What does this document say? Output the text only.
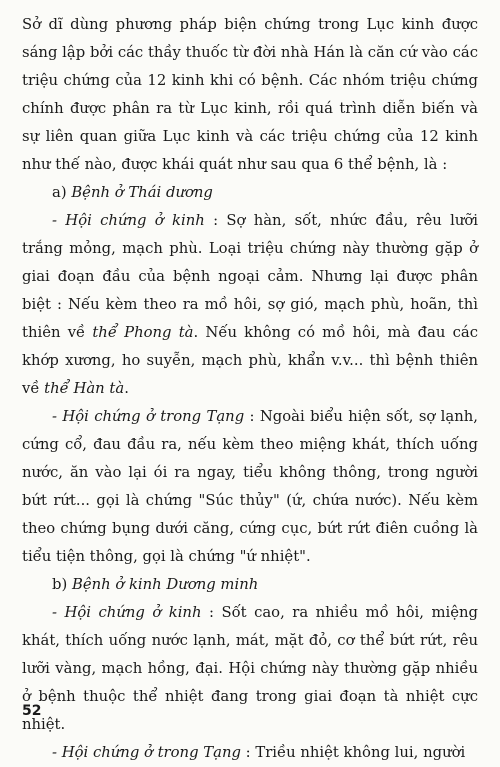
Sở dĩ dùng phương pháp biện chứng trong Lục kinh được sáng lập bởi các thầy thuốc từ đời nhà Hán là căn cứ vào các triệu chứng của 12 kinh khi có bệnh. Các nhóm triệu chứng chính được phân ra từ Lục kinh, rồi quá trình diễn biến và sự liên quan giữa Lục kinh và các triệu chứng của 12 kinh như thế nào, được khái quát như sau qua 6 thể bệnh, là :

a) Bệnh ở Thái dương

- Hội chứng ở kinh : Sợ hàn, sốt, nhức đầu, rêu lưỡi trắng mỏng, mạch phù. Loại triệu chứng này thường gặp ở giai đoạn đầu của bệnh ngoại cảm. Nhưng lại được phân biệt : Nếu kèm theo ra mồ hôi, sợ gió, mạch phù, hoãn, thì thiên về thể Phong tà. Nếu không có mồ hôi, mà đau các khớp xương, ho suyễn, mạch phù, khẩn v.v... thì bệnh thiên về thể Hàn tà.

- Hội chứng ở trong Tạng : Ngoài biểu hiện sốt, sợ lạnh, cứng cổ, đau đầu ra, nếu kèm theo miệng khát, thích uống nước, ăn vào lại ói ra ngay, tiểu không thông, trong người bứt rứt... gọi là chứng "Súc thủy" (ứ, chứa nước). Nếu kèm theo chứng bụng dưới căng, cứng cục, bứt rứt điên cuồng là tiểu tiện thông, gọi là chứng "ứ nhiệt".

b) Bệnh ở kinh Dương minh

- Hội chứng ở kinh : Sốt cao, ra nhiều mồ hôi, miệng khát, thích uống nước lạnh, mát, mặt đỏ, cơ thể bứt rứt, rêu lưỡi vàng, mạch hồng, đại. Hội chứng này thường gặp nhiều ở bệnh thuộc thể nhiệt đang trong giai đoạn tà nhiệt cực nhiệt.

- Hội chứng ở trong Tạng : Triều nhiệt không lui, người

52
